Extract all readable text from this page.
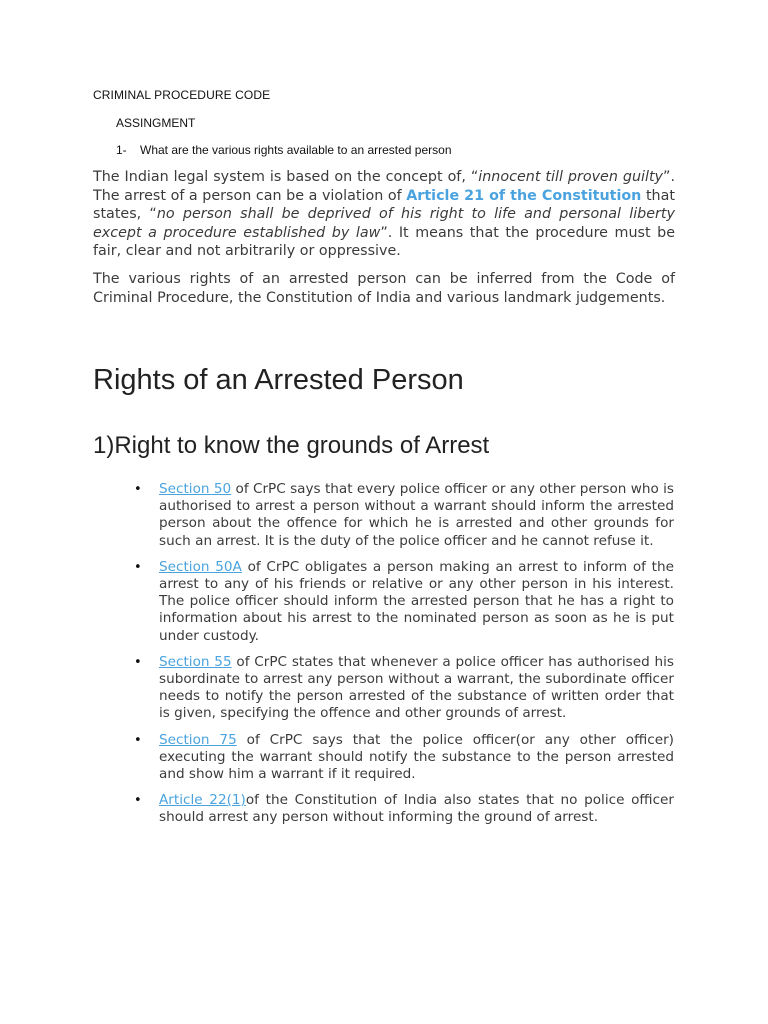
CRIMINAL PROCEDURE CODE
ASSINGMENT
1- What are the various rights available to an arrested person
The Indian legal system is based on the concept of, “innocent till proven guilty”. The arrest of a person can be a violation of Article 21 of the Constitution that states, “no person shall be deprived of his right to life and personal liberty except a procedure established by law”. It means that the procedure must be fair, clear and not arbitrarily or oppressive.
The various rights of an arrested person can be inferred from the Code of Criminal Procedure, the Constitution of India and various landmark judgements.
Rights of an Arrested Person
1)Right to know the grounds of Arrest
• Section 50 of CrPC says that every police officer or any other person who is authorised to arrest a person without a warrant should inform the arrested person about the offence for which he is arrested and other grounds for such an arrest. It is the duty of the police officer and he cannot refuse it.
• Section 50A of CrPC obligates a person making an arrest to inform of the arrest to any of his friends or relative or any other person in his interest. The police officer should inform the arrested person that he has a right to information about his arrest to the nominated person as soon as he is put under custody.
• Section 55 of CrPC states that whenever a police officer has authorised his subordinate to arrest any person without a warrant, the subordinate officer needs to notify the person arrested of the substance of written order that is given, specifying the offence and other grounds of arrest.
• Section 75 of CrPC says that the police officer(or any other officer) executing the warrant should notify the substance to the person arrested and show him a warrant if it required.
• Article 22(1)of the Constitution of India also states that no police officer should arrest any person without informing the ground of arrest.
